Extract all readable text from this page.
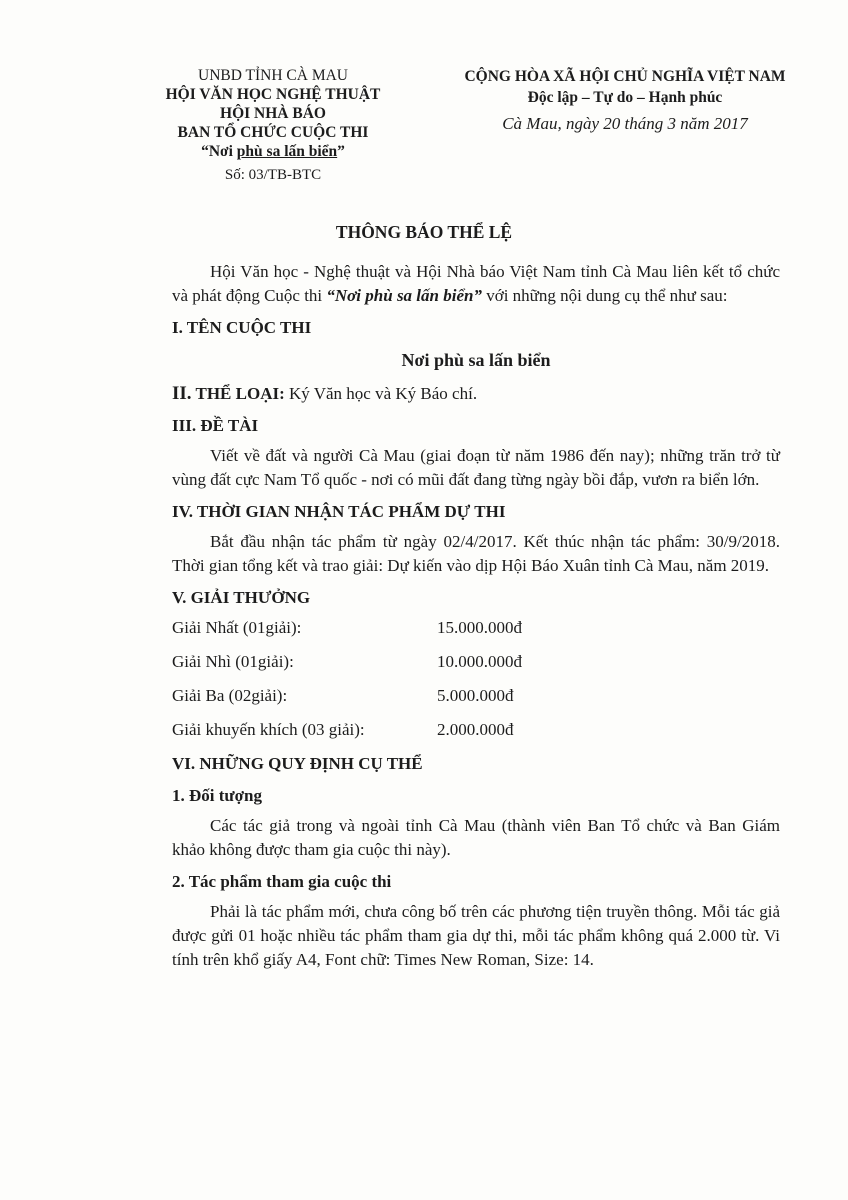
UNBD TỈNH CÀ MAU
HỘI VĂN HỌC NGHỆ THUẬT
HỘI NHÀ BÁO
BAN TỔ CHỨC CUỘC THI
“Nơi phù sa lấn biển”
Số: 03/TB-BTC
CỘNG HÒA XÃ HỘI CHỦ NGHĨA VIỆT NAM
Độc lập – Tự do – Hạnh phúc
Cà Mau, ngày 20 tháng 3 năm 2017
THÔNG BÁO THỂ LỆ

Hội Văn học - Nghệ thuật và Hội Nhà báo Việt Nam tỉnh Cà Mau liên kết tổ chức và phát động Cuộc thi “Nơi phù sa lấn biển” với những nội dung cụ thể như sau:

I. TÊN CUỘC THI
Nơi phù sa lấn biển
II. THỂ LOẠI: Ký Văn học và Ký Báo chí.
III. ĐỀ TÀI

Viết về đất và người Cà Mau (giai đoạn từ năm 1986 đến nay); những trăn trở từ vùng đất cực Nam Tổ quốc - nơi có mũi đất đang từng ngày bồi đắp, vươn ra biển lớn.

IV. THỜI GIAN NHẬN TÁC PHẨM DỰ THI

Bắt đầu nhận tác phẩm từ ngày 02/4/2017. Kết thúc nhận tác phẩm: 30/9/2018. Thời gian tổng kết và trao giải: Dự kiến vào dịp Hội Báo Xuân tỉnh Cà Mau, năm 2019.

V. GIẢI THƯỞNG
Giải Nhất (01giải):	15.000.000đ
Giải Nhì (01giải):	10.000.000đ
Giải Ba (02giải):	5.000.000đ
Giải khuyến khích (03 giải):	2.000.000đ
VI. NHỮNG QUY ĐỊNH CỤ THỂ
1. Đối tượng

Các tác giả trong và ngoài tỉnh Cà Mau (thành viên Ban Tổ chức và Ban Giám khảo không được tham gia cuộc thi này).

2. Tác phẩm tham gia cuộc thi

Phải là tác phẩm mới, chưa công bố trên các phương tiện truyền thông. Mỗi tác giả được gửi 01 hoặc nhiều tác phẩm tham gia dự thi, mỗi tác phẩm không quá 2.000 từ. Vi tính trên khổ giấy A4, Font chữ: Times New Roman, Size: 14.
